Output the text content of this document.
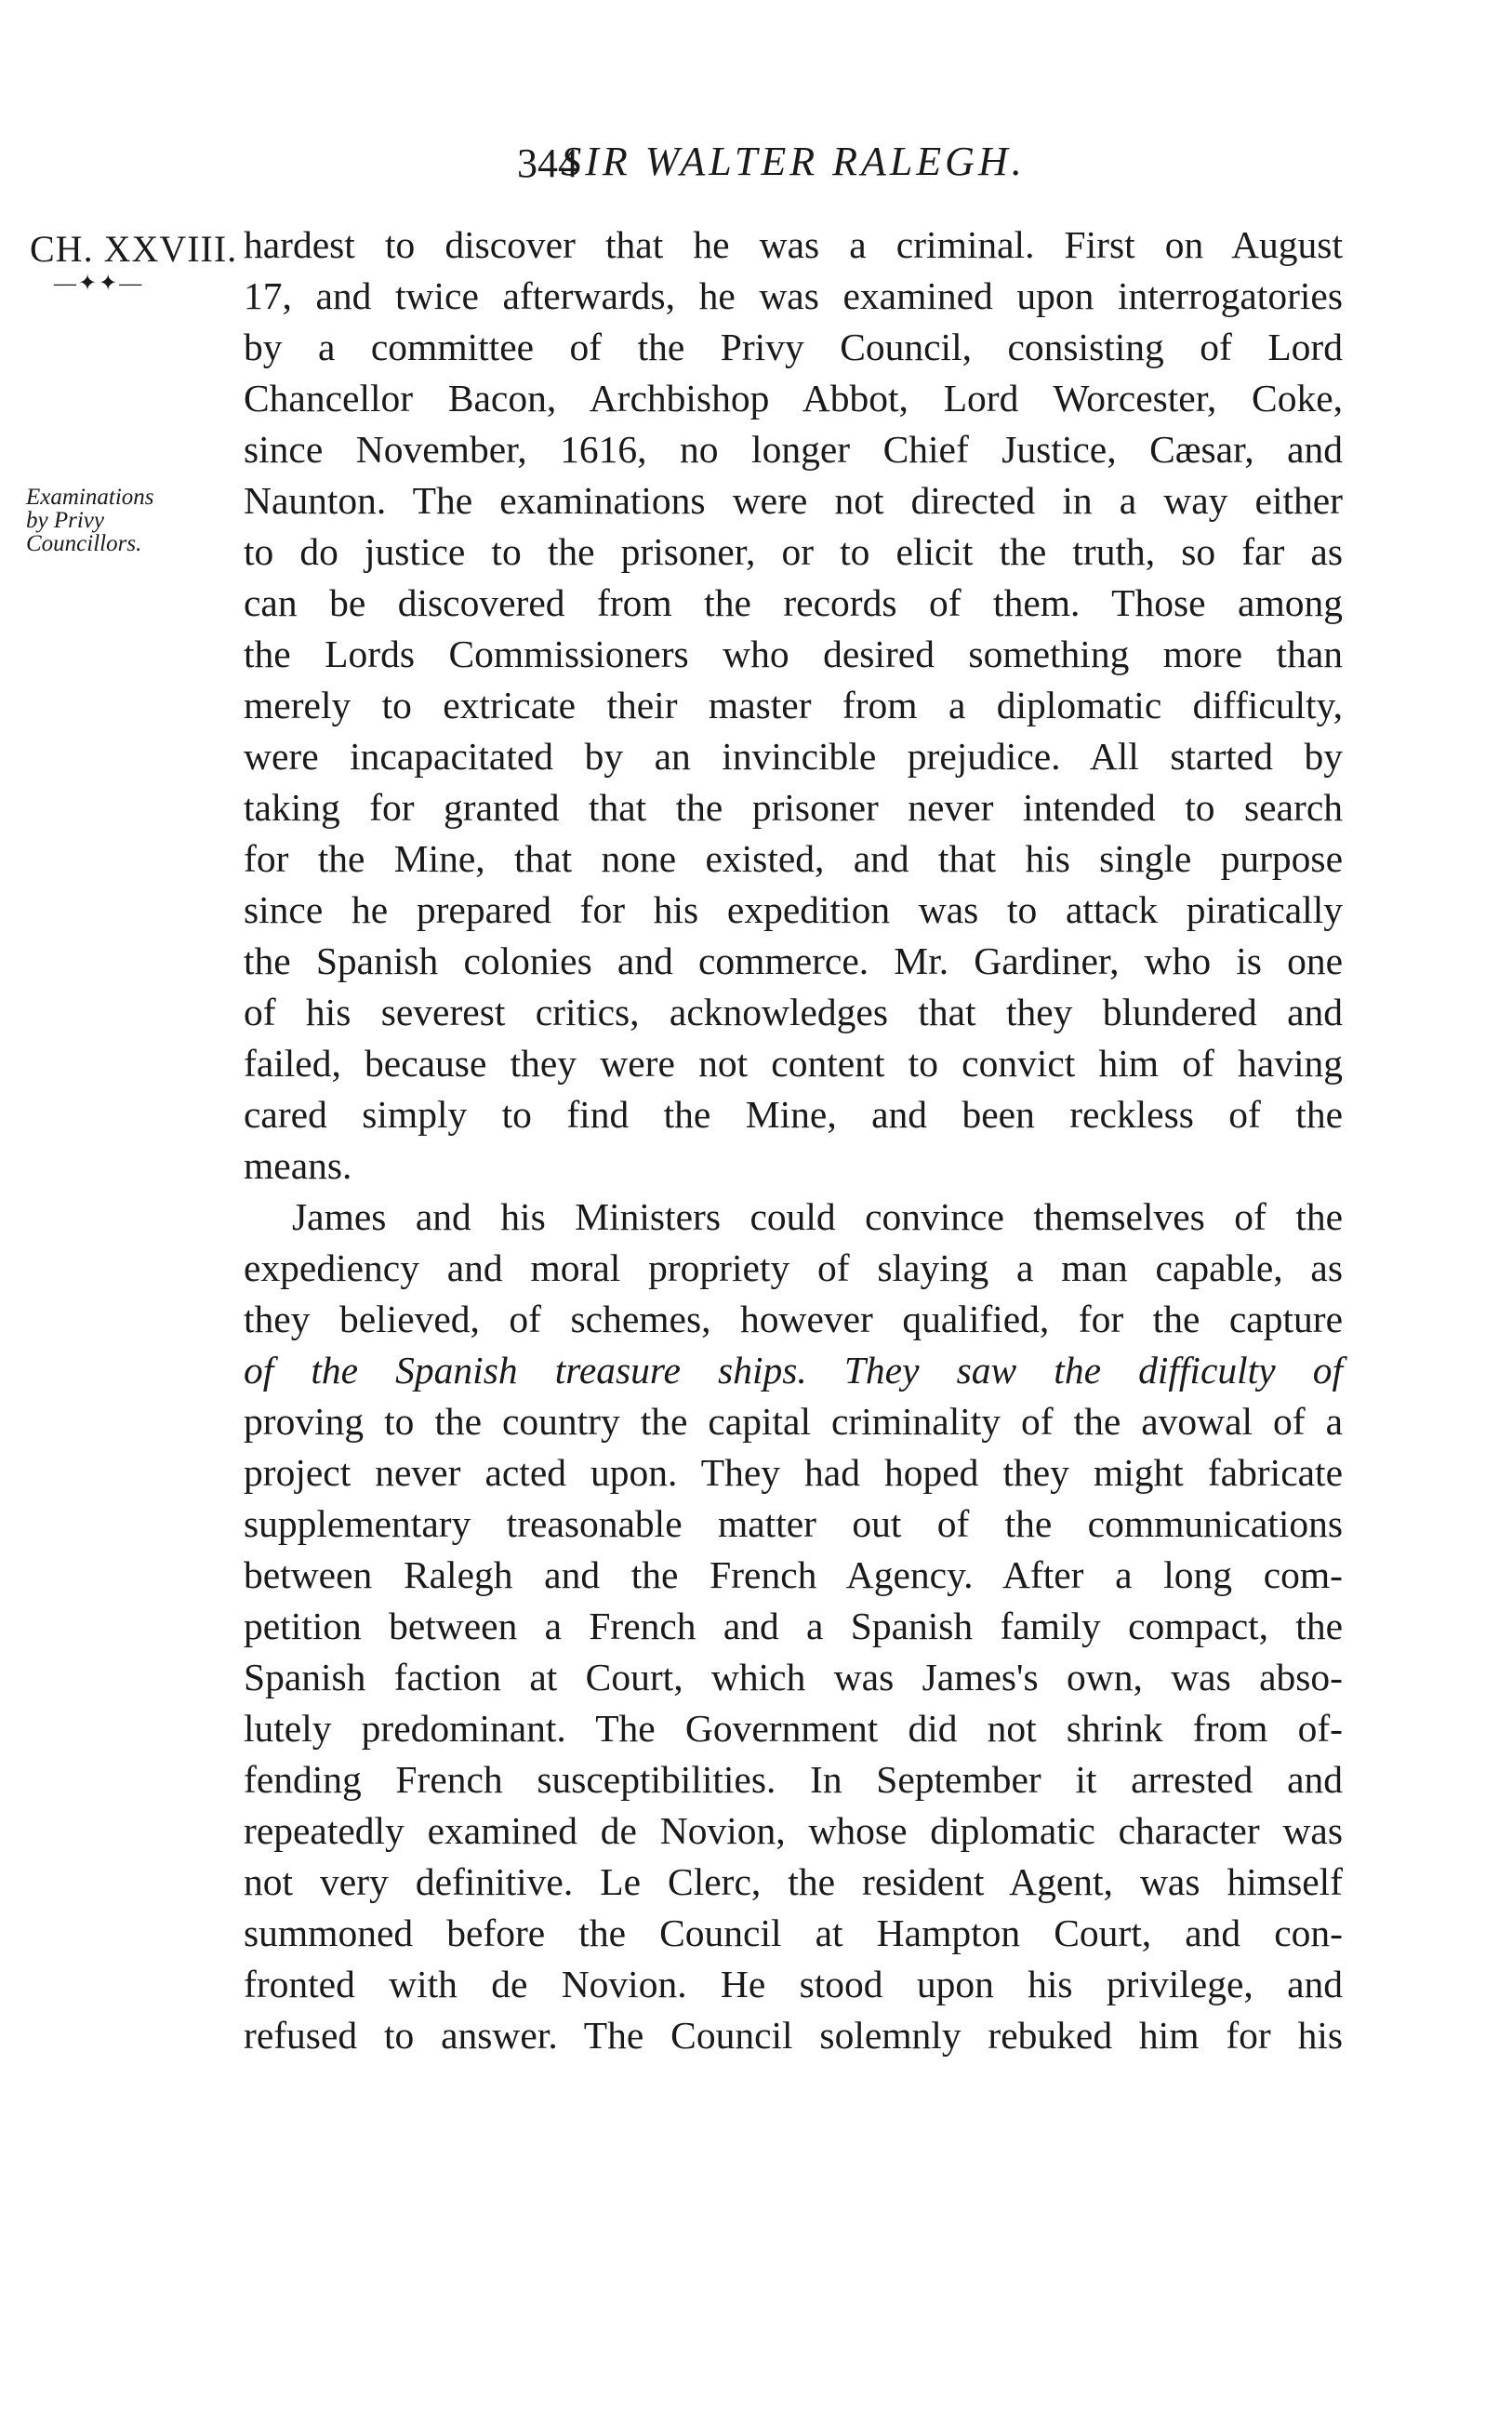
344
SIR WALTER RALEGH.
CH. XXVIII.
—✦✦—
Examinations
by Privy
Councillors.
hardest to discover that he was a criminal. First on August
17, and twice afterwards, he was examined upon interrogatories
by a committee of the Privy Council, consisting of Lord
Chancellor Bacon, Archbishop Abbot, Lord Worcester, Coke,
since November, 1616, no longer Chief Justice, Cæsar, and
Naunton. The examinations were not directed in a way either
to do justice to the prisoner, or to elicit the truth, so far as
can be discovered from the records of them. Those among
the Lords Commissioners who desired something more than
merely to extricate their master from a diplomatic difficulty,
were incapacitated by an invincible prejudice. All started by
taking for granted that the prisoner never intended to search
for the Mine, that none existed, and that his single purpose
since he prepared for his expedition was to attack piratically
the Spanish colonies and commerce. Mr. Gardiner, who is one
of his severest critics, acknowledges that they blundered and
failed, because they were not content to convict him of having
cared simply to find the Mine, and been reckless of the
means.
James and his Ministers could convince themselves of the
expediency and moral propriety of slaying a man capable, as
they believed, of schemes, however qualified, for the capture
of the Spanish treasure ships. They saw the difficulty of
proving to the country the capital criminality of the avowal of a
project never acted upon. They had hoped they might fabricate
supplementary treasonable matter out of the communications
between Ralegh and the French Agency. After a long com-
petition between a French and a Spanish family compact, the
Spanish faction at Court, which was James's own, was abso-
lutely predominant. The Government did not shrink from of-
fending French susceptibilities. In September it arrested and
repeatedly examined de Novion, whose diplomatic character was
not very definitive. Le Clerc, the resident Agent, was himself
summoned before the Council at Hampton Court, and con-
fronted with de Novion. He stood upon his privilege, and
refused to answer. The Council solemnly rebuked him for his
